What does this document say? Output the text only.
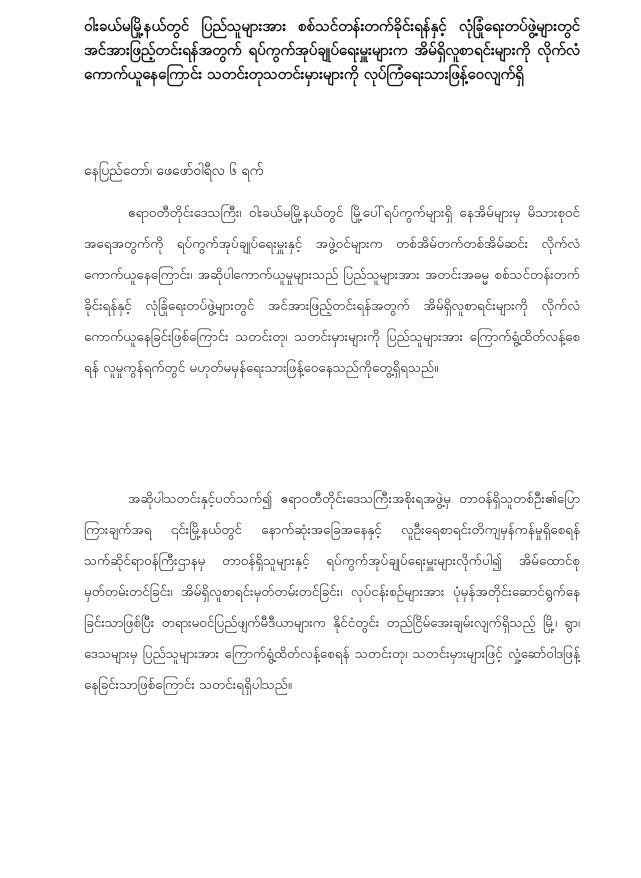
ဝါးခယ်မမြို့နယ်တွင် ပြည်သူများအား စစ်သင်တန်းတက်ခိုင်းရန်နှင့် လုံခြုံရေးတပ်ဖွဲ့များတွင် အင်အားဖြည့်တင်းရန်အတွက် ရပ်ကွက်အုပ်ချုပ်ရေးမှူးများက အိမ်ရှိလူစာရင်းများကို လိုက်လံကောက်ယူနေကြောင်း သတင်းတုသတင်းမှားများကို လုပ်ကြံရေးသားဖြန့်ဝေလျက်ရှိ
နေပြည်တော်၊ ဖေဖော်ဝါရီလ ၆ ရက်

ဧရာဝတီတိုင်းဒေသကြီး၊ ဝါးခယ်မမြို့နယ်တွင် မြို့ပေါ်ရပ်ကွက်များရှိ နေအိမ်များမှ မိသားစုဝင်အရေအတွက်ကို ရပ်ကွက်အုပ်ချုပ်ရေးမှူးနှင့် အဖွဲ့ဝင်များက တစ်အိမ်တက်တစ်အိမ်ဆင်း လိုက်လံကောက်ယူနေကြောင်း၊ အဆိုပါကောက်ယူမှုများသည် ပြည်သူများအား အတင်းအဓမ္မ စစ်သင်တန်းတက်ခိုင်းရန်နှင့် လုံခြုံရေးတပ်ဖွဲ့များတွင် အင်အားဖြည့်တင်းရန်အတွက် အိမ်ရှိလူစာရင်းများကို လိုက်လံကောက်ယူနေခြင်းဖြစ်ကြောင်း သတင်းတု၊ သတင်းမှားများကို ပြည်သူများအား ကြောက်ရွံ့ထိတ်လန့်စေရန် လူမှုကွန်ရက်တွင် မဟုတ်မမှန်ရေးသားဖြန့်ဝေနေသည်ကိုတွေ့ရှိရသည်။

အဆိုပါသတင်းနှင့်ပတ်သက်၍ ဧရာဝတီတိုင်းဒေသကြီးအစိုးရအဖွဲ့မှ တာဝန်ရှိသူတစ်ဦး၏ပြောကြားချက်အရ ၎င်းမြို့နယ်တွင် နောက်ဆုံးအခြေအနေနှင့် လူဦးရေစာရင်းတိကျမှန်ကန်မှုရှိစေရန် သက်ဆိုင်ရာဝန်ကြီးဌာနမှ တာဝန်ရှိသူများနှင့် ရပ်ကွက်အုပ်ချုပ်ရေးမှူးများလိုက်ပါ၍ အိမ်ထောင်စုမှတ်တမ်းတင်ခြင်း၊ အိမ်ရှိလူစာရင်းမှတ်တမ်းတင်ခြင်း၊ လုပ်ငန်းစဉ်များအား ပုံမှန်အတိုင်းဆောင်ရွက်နေခြင်းသာဖြစ်ပြီး တရားမဝင်ပြည်ဖျက်မီဒီယာများက နိုင်ငံတွင်း တည်ငြိမ်အေးချမ်းလျက်ရှိသည့် မြို့၊ ရွာ၊ ဒေသများမှ ပြည်သူများအား ကြောက်ရွံ့ထိတ်လန့်စေရန် သတင်းတု၊ သတင်းမှားများဖြင့် လှုံ့ဆော်ဝါဒဖြန့်နေခြင်းသာဖြစ်ကြောင်း သတင်းရရှိပါသည်။
